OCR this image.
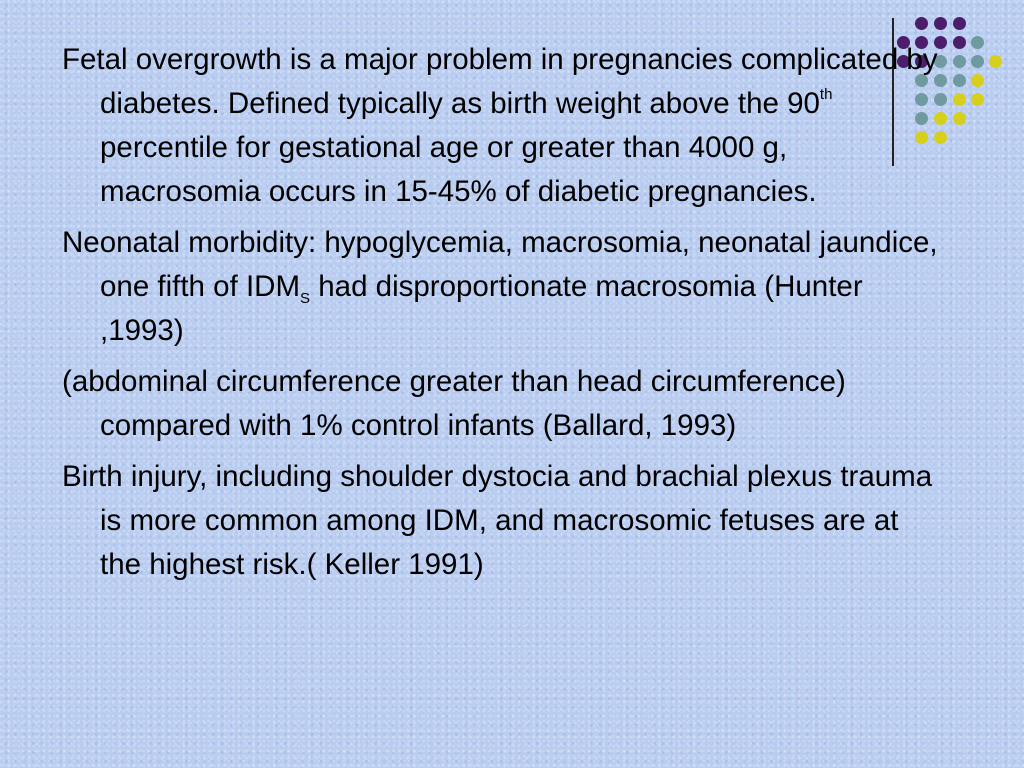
Fetal overgrowth is a major problem in pregnancies complicated by diabetes. Defined typically as birth weight above the 90th percentile for gestational age or greater than 4000 g, macrosomia occurs in 15-45% of diabetic pregnancies.

Neonatal morbidity: hypoglycemia, macrosomia, neonatal jaundice, one fifth of $IDM_S$ had disproportionate macrosomia (Hunter ,1993)

(abdominal circumference greater than head circumference) compared with 1% control infants (Ballard, 1993)

Birth injury, including shoulder dystocia and brachial plexus trauma is more common among IDM, and macrosomic fetuses are at the highest risk.( Keller 1991)
